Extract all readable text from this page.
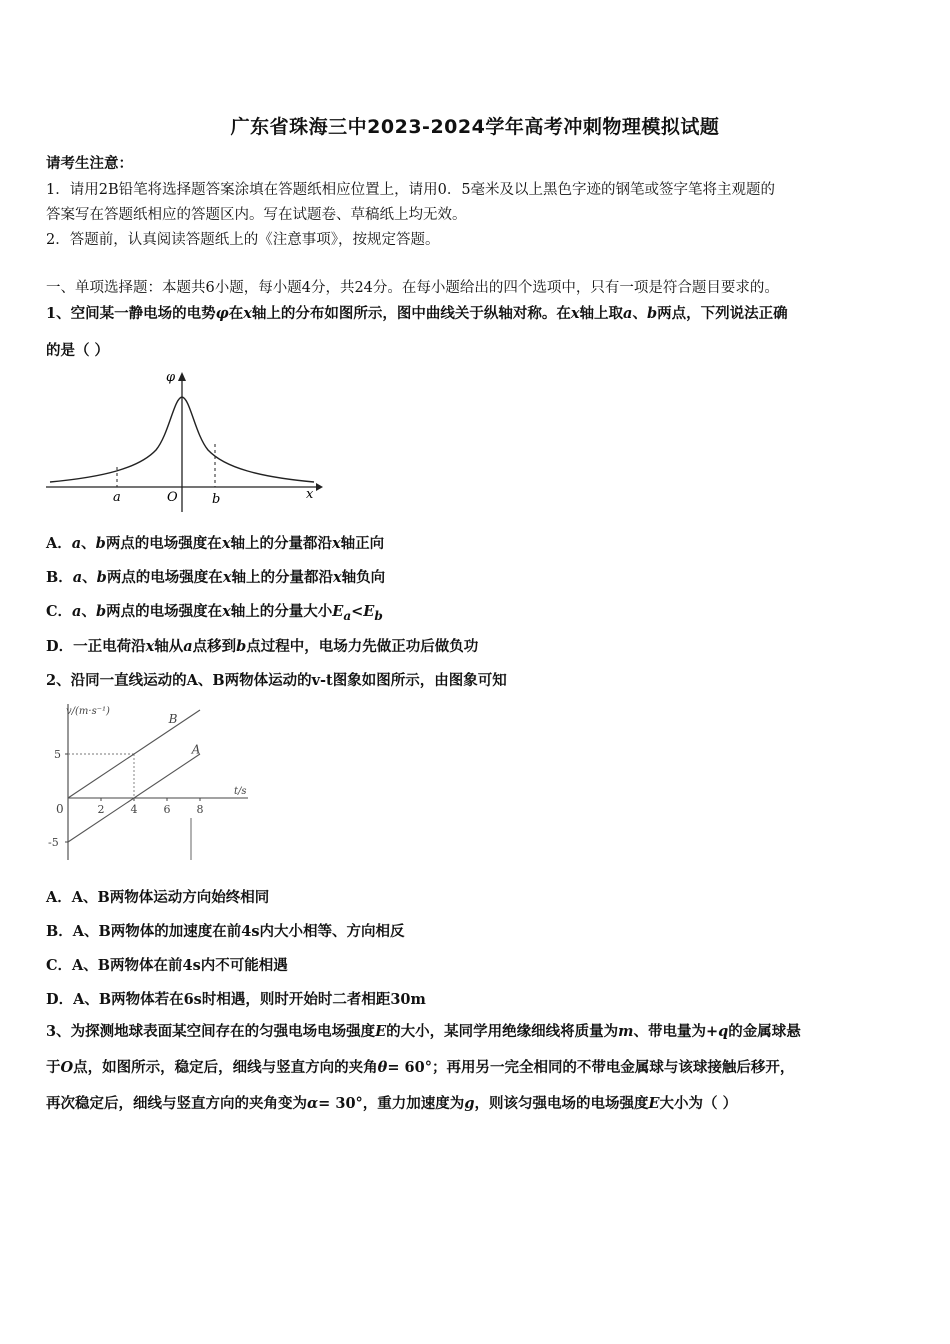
广东省珠海三中2023-2024学年高考冲刺物理模拟试题
请考生注意：
1．请用2B铅笔将选择题答案涂填在答题纸相应位置上，请用0．5毫米及以上黑色字迹的钢笔或签字笔将主观题的
答案写在答题纸相应的答题区内。写在试题卷、草稿纸上均无效。
2．答题前，认真阅读答题纸上的《注意事项》，按规定答题。
一、单项选择题：本题共6小题，每小题4分，共24分。在每小题给出的四个选项中，只有一项是符合题目要求的。
1、空间某一静电场的电势φ在x轴上的分布如图所示，图中曲线关于纵轴对称。在x轴上取a、b两点，下列说法正确
的是（ ）
φ
x
O
a	b
A．a、b两点的电场强度在x轴上的分量都沿x轴正向
B．a、b两点的电场强度在x轴上的分量都沿x轴负向
C．a、b两点的电场强度在x轴上的分量大小$E_a<E_b$
D．一正电荷沿x轴从a点移到b点过程中，电场力先做正功后做负功
2、沿同一直线运动的A、B两物体运动的v-t图象如图所示，由图象可知
v/(m·s⁻¹)
t/s
0	2 4 6 8
5
-5
B
A
A．A、B两物体运动方向始终相同
B．A、B两物体的加速度在前4s内大小相等、方向相反
C．A、B两物体在前4s内不可能相遇
D．A、B两物体若在6s时相遇，则时开始时二者相距30m
3、为探测地球表面某空间存在的匀强电场电场强度E的大小，某同学用绝缘细线将质量为m、带电量为+q的金属球悬
于O点，如图所示，稳定后，细线与竖直方向的夹角θ= 60°；再用另一完全相同的不带电金属球与该球接触后移开，
再次稳定后，细线与竖直方向的夹角变为α= 30°，重力加速度为g，则该匀强电场的电场强度E大小为（ ）
